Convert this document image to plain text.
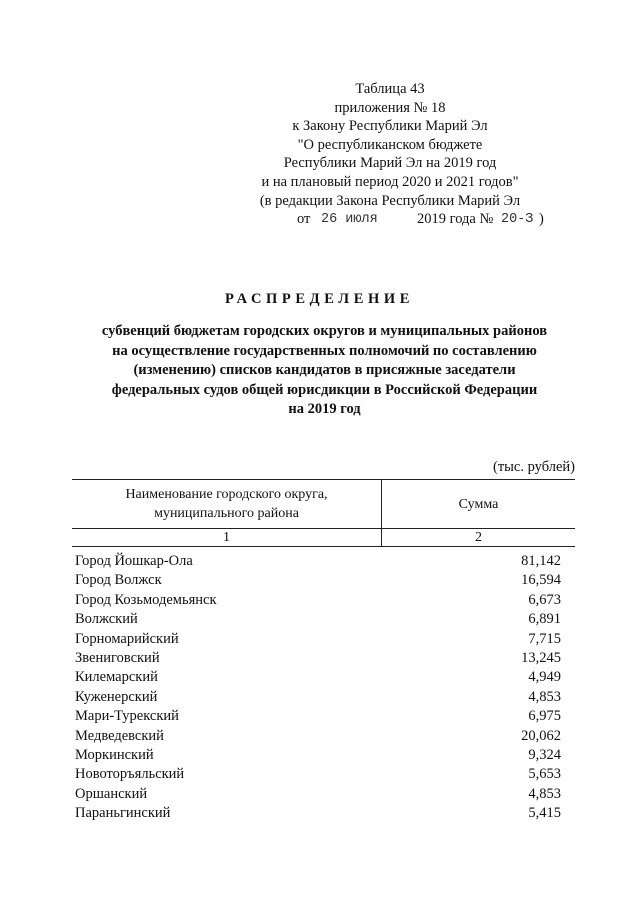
Таблица 43
приложения № 18
к Закону Республики Марий Эл
"О республиканском бюджете
Республики Марий Эл на 2019 год
и на плановый период 2020 и 2021 годов"
(в редакции Закона Республики Марий Эл
от 26 июля	2019 года № 20-З )
РАСПРЕДЕЛЕНИЕ
субвенций бюджетам городских округов и муниципальных районов
на осуществление государственных полномочий по составлению
(изменению) списков кандидатов в присяжные заседатели
федеральных судов общей юрисдикции в Российской Федерации
на 2019 год
(тыс. рублей)
Наименование городского округа,
муниципального района
Сумма
1	2
Город Йошкар-Ола	81,142
Город Волжск	16,594
Город Козьмодемьянск	6,673
Волжский	6,891
Горномарийский	7,715
Звениговский	13,245
Килемарский	4,949
Куженерский	4,853
Мари-Турекский	6,975
Медведевский	20,062
Моркинский	9,324
Новоторъяльский	5,653
Оршанский	4,853
Параньгинский	5,415
